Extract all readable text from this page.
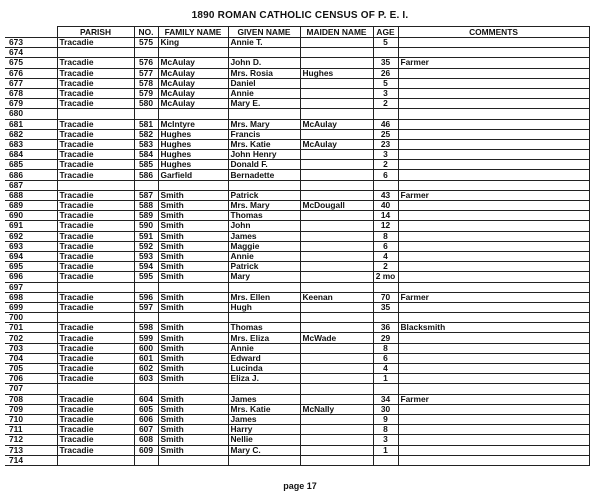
1890 ROMAN CATHOLIC CENSUS OF P. E. I.
	PARISH	NO.	FAMILY NAME	GIVEN NAME	MAIDEN NAME	AGE	COMMENTS
673	Tracadie	575	King	Annie T.		5	
674							
675	Tracadie	576	McAulay	John D.		35	Farmer
676	Tracadie	577	McAulay	Mrs. Rosia	Hughes	26	
677	Tracadie	578	McAulay	Daniel		5	
678	Tracadie	579	McAulay	Annie		3	
679	Tracadie	580	McAulay	Mary E.		2	
680							
681	Tracadie	581	McIntyre	Mrs. Mary	McAulay	46	
682	Tracadie	582	Hughes	Francis		25	
683	Tracadie	583	Hughes	Mrs. Katie	McAulay	23	
684	Tracadie	584	Hughes	John Henry		3	
685	Tracadie	585	Hughes	Donald F.		2	
686	Tracadie	586	Garfield	Bernadette		6	
687							
688	Tracadie	587	Smith	Patrick		43	Farmer
689	Tracadie	588	Smith	Mrs. Mary	McDougall	40	
690	Tracadie	589	Smith	Thomas		14	
691	Tracadie	590	Smith	John		12	
692	Tracadie	591	Smith	James		8	
693	Tracadie	592	Smith	Maggie		6	
694	Tracadie	593	Smith	Annie		4	
695	Tracadie	594	Smith	Patrick		2	
696	Tracadie	595	Smith	Mary		2 mo	
697							
698	Tracadie	596	Smith	Mrs. Ellen	Keenan	70	Farmer
699	Tracadie	597	Smith	Hugh		35	
700							
701	Tracadie	598	Smith	Thomas		36	Blacksmith
702	Tracadie	599	Smith	Mrs. Eliza	McWade	29	
703	Tracadie	600	Smith	Annie		8	
704	Tracadie	601	Smith	Edward		6	
705	Tracadie	602	Smith	Lucinda		4	
706	Tracadie	603	Smith	Eliza J.		1	
707							
708	Tracadie	604	Smith	James		34	Farmer
709	Tracadie	605	Smith	Mrs. Katie	McNally	30	
710	Tracadie	606	Smith	James		9	
711	Tracadie	607	Smith	Harry		8	
712	Tracadie	608	Smith	Nellie		3	
713	Tracadie	609	Smith	Mary C.		1	
714							
page 17
